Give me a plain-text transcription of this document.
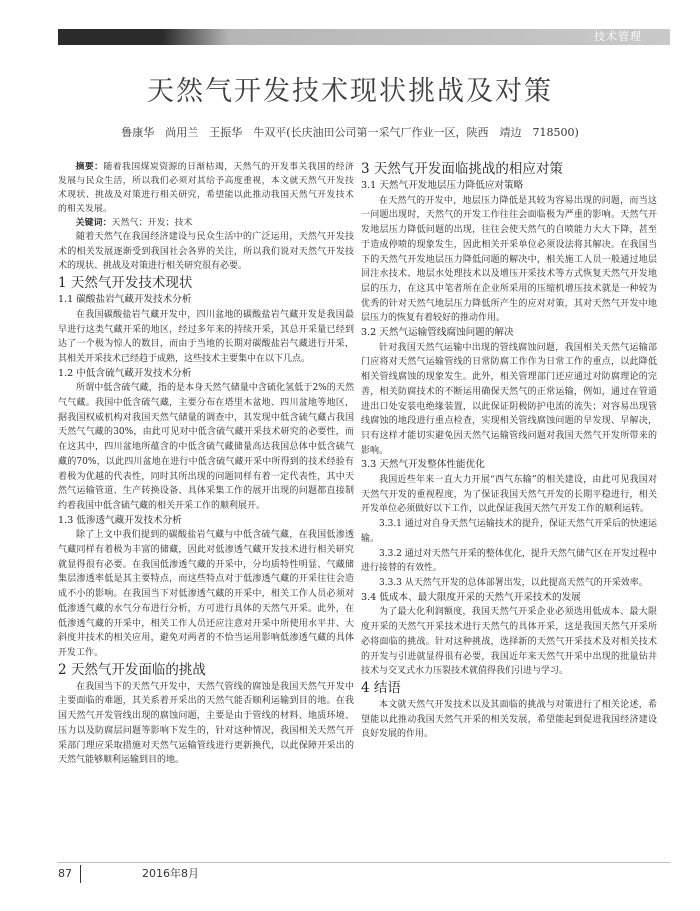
技术管理
天然气开发技术现状挑战及对策
鲁康华　尚用兰　王振华　牛双平(长庆油田公司第一采气厂作业一区，陕西　靖边　718500)

摘要：随着我国煤炭资源的日渐枯竭，天然气的开发事关我国的经济发展与民众生活，所以我们必须对其给予高度重视，本文就天然气开发技术现状、挑战及对策进行相关研究，希望能以此推动我国天然气开发技术的相关发展。

关键词：天然气；开发；技术

随着天然气在我国经济建设与民众生活中的广泛运用，天然气开发技术的相关发展逐渐受到我国社会各界的关注，所以我们说对天然气开发技术的现状、挑战及对策进行相关研究很有必要。

1 天然气开发技术现状
1.1 碳酸盐岩气藏开发技术分析

在我国碳酸盐岩气藏开发中，四川盆地的碳酸盐岩气藏开发是我国最早进行这类气藏开采的地区，经过多年来的持续开采，其总开采量已经到达了一个极为惊人的数目，而由于当地的长期对碳酸盐岩气藏进行开采，其相关开采技术已经趋于成熟，这些技术主要集中在以下几点。

1.2 中低含硫气藏开发技术分析

所谓中低含硫气藏，指的是本身天然气储量中含硫化氢低于2%的天然气气藏。我国中低含硫气藏，主要分布在塔里木盆地、四川盆地等地区，据我国权威机构对我国天然气储量的调查中，其发现中低含硫气藏占我国天然气气藏的30%，由此可见对中低含硫气藏开采技术研究的必要性，而在这其中，四川盆地所蕴含的中低含硫气藏储量高达我国总体中低含硫气藏的70%，以此四川盆地在进行中低含硫气藏开采中所得到的技术经验有着极为优越的代表性，同时其所出现的问题同样有着一定代表性，其中天然气运输管道、生产转换设备、具体采集工作的展开出现的问题都直接制约着我国中低含硫气藏的相关开采工作的顺利展开。

1.3 低渗透气藏开发技术分析

除了上文中我们提到的碳酸盐岩气藏与中低含硫气藏，在我国低渗透气藏同样有着极为丰富的储藏，因此对低渗透气藏开发技术进行相关研究就显得很有必要。在我国低渗透气藏的开采中，分均质特性明显、气藏储集层渗透率低是其主要特点，而这些特点对于低渗透气藏的开采往往会造成不小的影响。在我国当下对低渗透气藏的开采中，相关工作人员必须对低渗透气藏的水气分布进行分析，方可进行具体的天然气开采。此外，在低渗透气藏的开采中，相关工作人员还应注意对开采中所使用水平井、大斜度井技术的相关应用，避免对两者的不恰当运用影响低渗透气藏的具体开发工作。

2 天然气开发面临的挑战

在我国当下的天然气开发中，天然气管线的腐蚀是我国天然气开发中主要面临的难题，其关系着开采出的天然气能否顺利运输到目的地。在我国天然气开发管线出现的腐蚀问题，主要是由于管线的材料、地质环境、压力以及防腐层问题等影响下发生的，针对这种情况，我国相关天然气开采部门理应采取措施对天然气运输管线进行更新换代，以此保障开采出的天然气能够顺利运输到目的地。

3 天然气开发面临挑战的相应对策
3.1 天然气开发地层压力降低应对策略

在天然气的开发中，地层压力降低是其较为容易出现的问题，而当这一问题出现时，天然气的开发工作往往会面临极为严重的影响。天然气开发地层压力降低问题的出现，往往会使天然气的自喷能力大大下降，甚至于造成停喷的现象发生，因此相关开采单位必须设法将其解决。在我国当下的天然气开发地层压力降低问题的解决中，相关施工人员一般通过地层回注水技术、地层水处理技术以及增压开采技术等方式恢复天然气开发地层的压力，在这其中笔者所在企业所采用的压缩机增压技术就是一种较为优秀的针对天然气地层压力降低所产生的应对对策，其对天然气开发中地层压力的恢复有着较好的推动作用。

3.2 天然气运输管线腐蚀问题的解决

针对我国天然气运输中出现的管线腐蚀问题，我国相关天然气运输部门应将对天然气运输管线的日常防腐工作作为日常工作的重点，以此降低相关管线腐蚀的现象发生。此外，相关管理部门还应通过对防腐理论的完善，相关防腐技术的不断运用确保天然气的正常运输，例如，通过在管道进出口处安装电绝缘装置，以此保证阴极防护电流的流失；对容易出现管线腐蚀的地段进行重点检查，实现相关管线腐蚀问题的早发现、早解决，只有这样才能切实避免因天然气运输管线问题对我国天然气开发所带来的影响。

3.3 天然气开发整体性能优化

我国近些年来一直大力开展“西气东输”的相关建设，由此可见我国对天然气开发的重视程度，为了保证我国天然气开发的长期平稳进行，相关开发单位必须做好以下工作，以此保证我国天然气开发工作的顺利运转。

3.3.1 通过对自身天然气运输技术的提升，保证天然气开采后的快速运输。

3.3.2 通过对天然气开采的整体优化，提升天然气储气区在开发过程中进行接替的有效性。

3.3.3 从天然气开发的总体部署出发，以此提高天然气的开采效率。

3.4 低成本、最大限度开采的天然气开采技术的发展

为了最大化利润额度，我国天然气开采企业必须选用低成本、最大限度开采的天然气开采技术进行天然气的具体开采，这是我国天然气开采所必将面临的挑战。针对这种挑战，选择新的天然气开采技术及对相关技术的开发与引进就显得很有必要，我国近年来天然气开采中出现的批量钻井技术与交叉式水力压裂技术就值得我们引进与学习。

4 结语

本文就天然气开发技术以及其面临的挑战与对策进行了相关论述，希望能以此推动我国天然气开采的相关发展，希望能起到促进我国经济建设良好发展的作用。

87	2016年8月
